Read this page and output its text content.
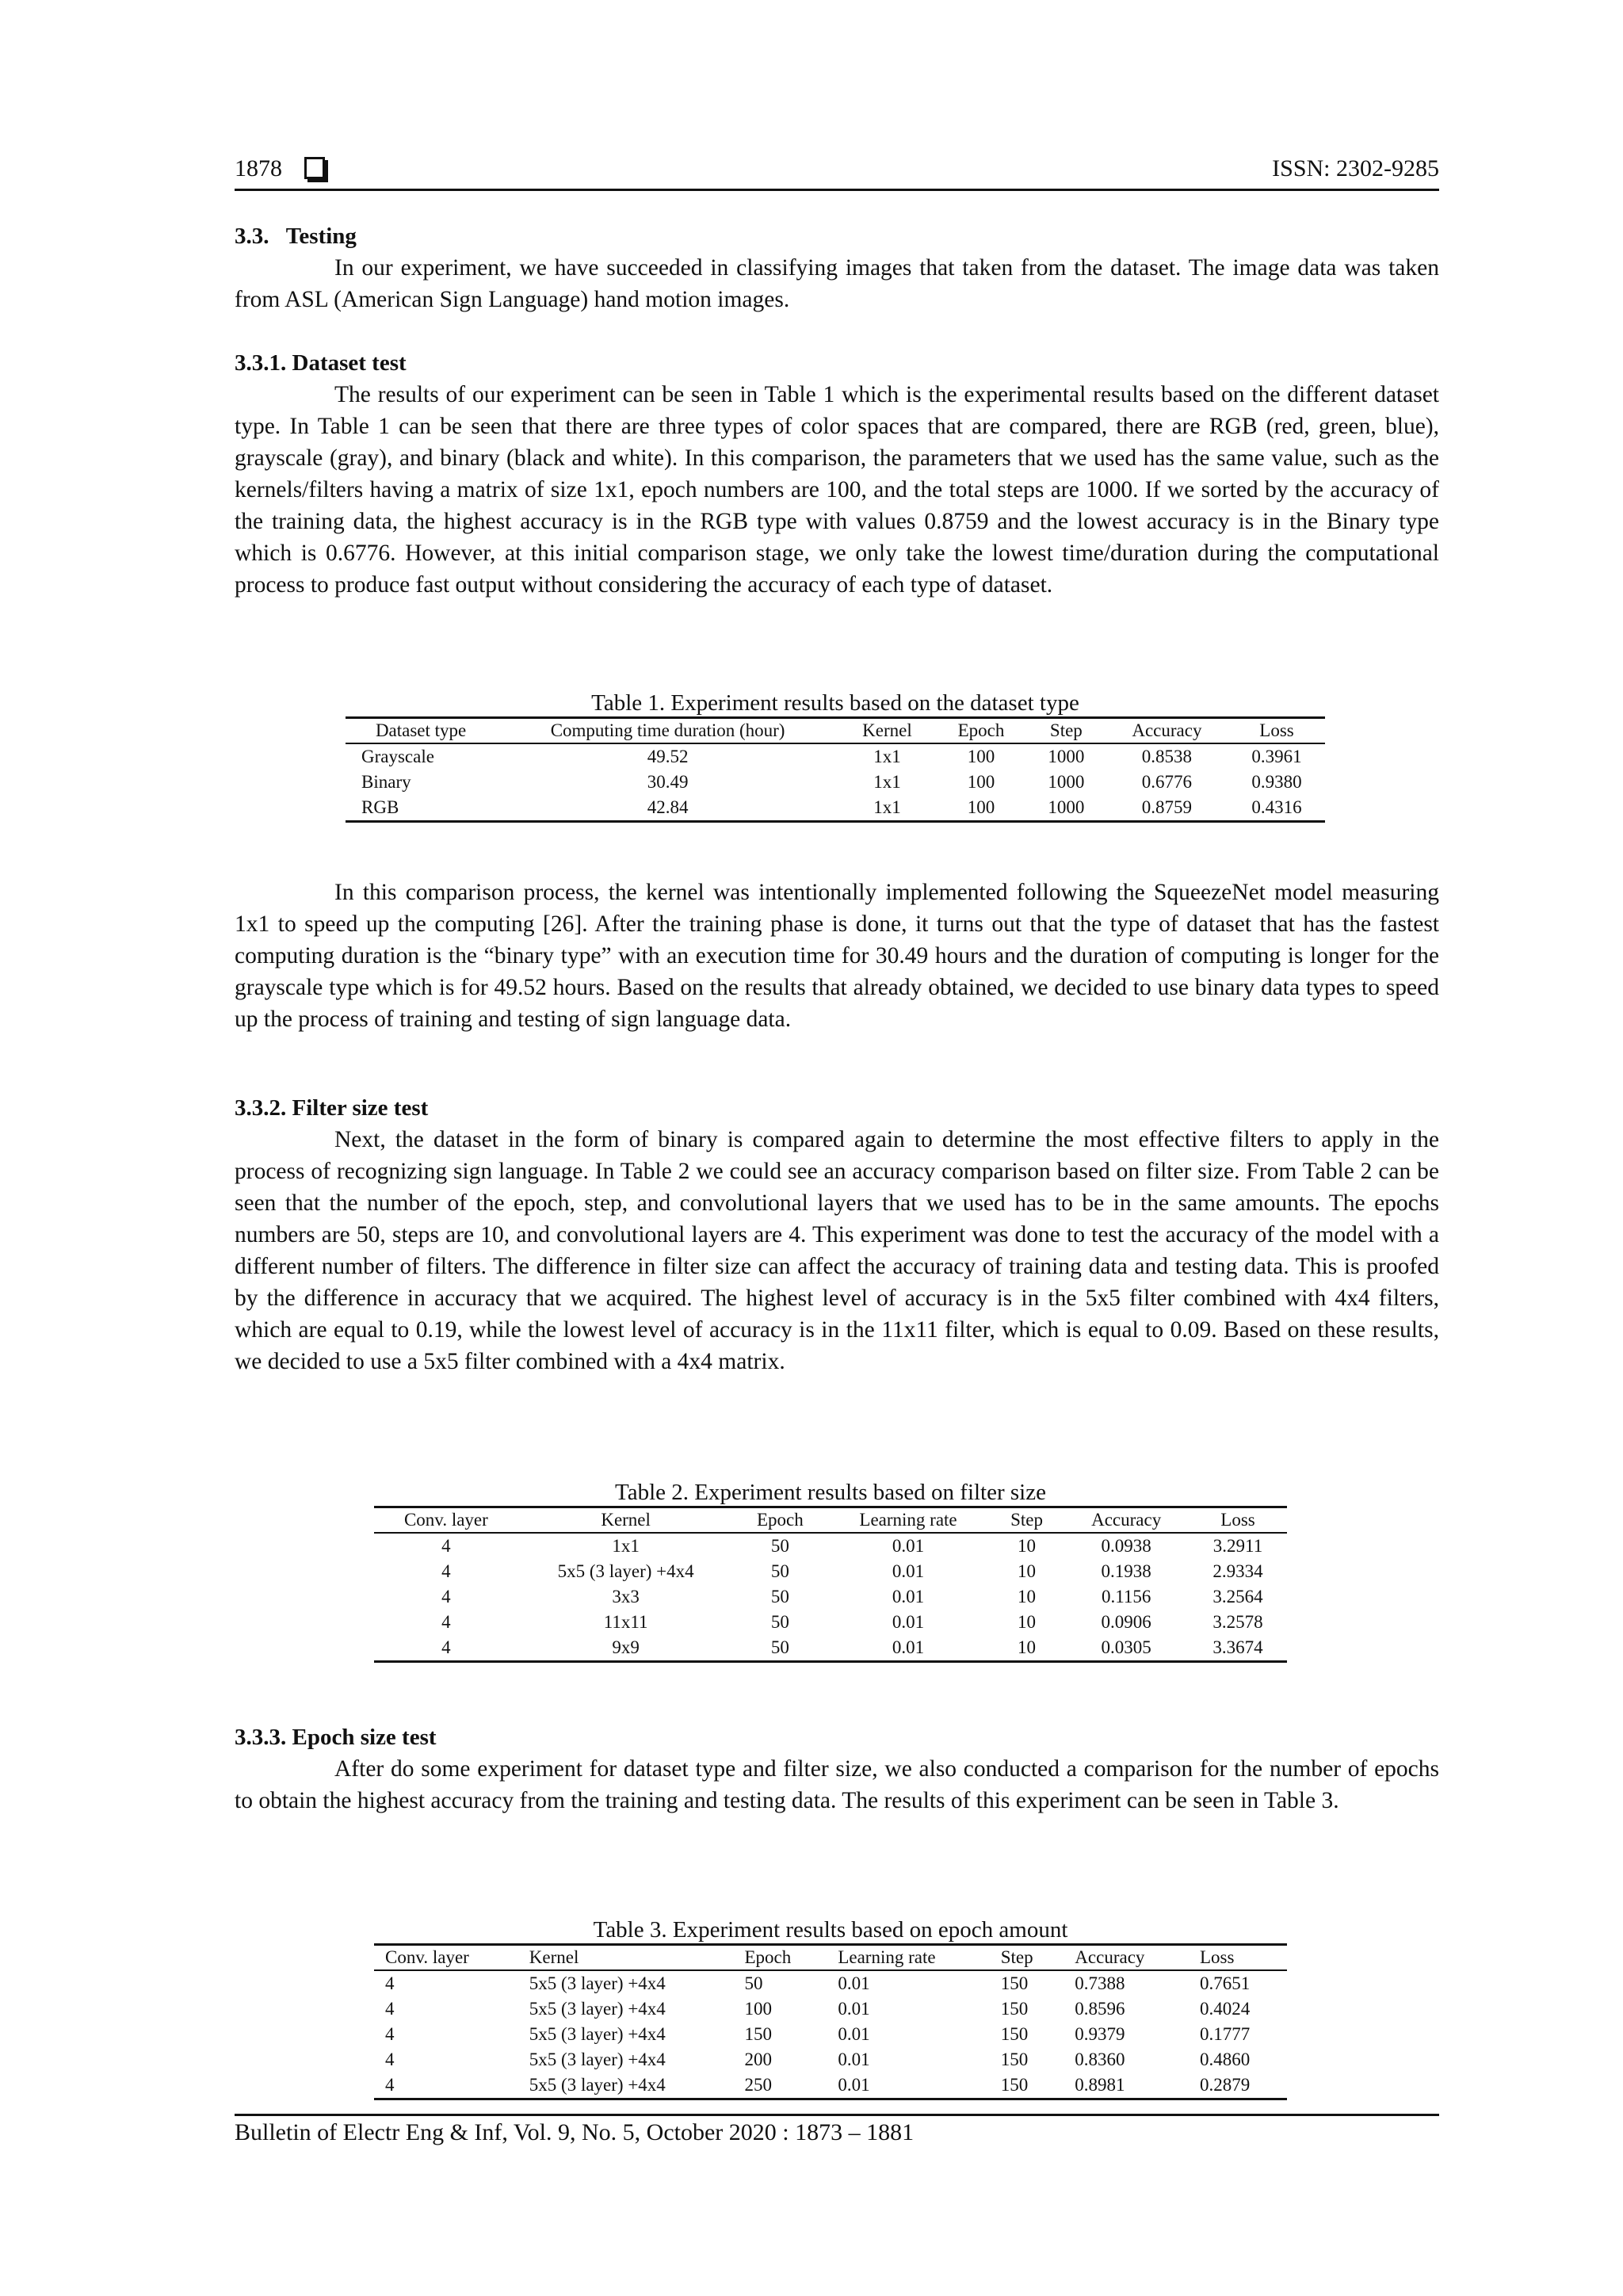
1878	ISSN: 2302-9285
3.3.   Testing

In our experiment, we have succeeded in classifying images that taken from the dataset. The image data was taken from ASL (American Sign Language) hand motion images.

3.3.1. Dataset test

The results of our experiment can be seen in Table 1 which is the experimental results based on the different dataset type. In Table 1 can be seen that there are three types of color spaces that are compared, there are RGB (red, green, blue), grayscale (gray), and binary (black and white). In this comparison, the parameters that we used has the same value, such as the kernels/filters having a matrix of size 1x1, epoch numbers are 100, and the total steps are 1000. If we sorted by the accuracy of the training data, the highest accuracy is in the RGB type with values 0.8759 and the lowest accuracy is in the Binary type which is 0.6776. However, at this initial comparison stage, we only take the lowest time/duration during the computational process to produce fast output without considering the accuracy of each type of dataset.

Table 1. Experiment results based on the dataset type
Dataset type	Computing time duration (hour)	Kernel	Epoch	Step	Accuracy	Loss
Grayscale	49.52	1x1	100	1000	0.8538	0.3961
Binary	30.49	1x1	100	1000	0.6776	0.9380
RGB	42.84	1x1	100	1000	0.8759	0.4316

In this comparison process, the kernel was intentionally implemented following the SqueezeNet model measuring 1x1 to speed up the computing [26]. After the training phase is done, it turns out that the type of dataset that has the fastest computing duration is the “binary type” with an execution time for 30.49 hours and the duration of computing is longer for the grayscale type which is for 49.52 hours. Based on the results that already obtained, we decided to use binary data types to speed up the process of training and testing of sign language data.

3.3.2. Filter size test

Next, the dataset in the form of binary is compared again to determine the most effective filters to apply in the process of recognizing sign language. In Table 2 we could see an accuracy comparison based on filter size. From Table 2 can be seen that the number of the epoch, step, and convolutional layers that we used has to be in the same amounts. The epochs numbers are 50, steps are 10, and convolutional layers are 4. This experiment was done to test the accuracy of the model with a different number of filters. The difference in filter size can affect the accuracy of training data and testing data. This is proofed by the difference in accuracy that we acquired. The highest level of accuracy is in the 5x5 filter combined with 4x4 filters, which are equal to 0.19, while the lowest level of accuracy is in the 11x11 filter, which is equal to 0.09. Based on these results, we decided to use a 5x5 filter combined with a 4x4 matrix.

Table 2. Experiment results based on filter size
Conv. layer	Kernel	Epoch	Learning rate	Step	Accuracy	Loss
4	1x1	50	0.01	10	0.0938	3.2911
4	5x5 (3 layer) +4x4	50	0.01	10	0.1938	2.9334
4	3x3	50	0.01	10	0.1156	3.2564
4	11x11	50	0.01	10	0.0906	3.2578
4	9x9	50	0.01	10	0.0305	3.3674
3.3.3. Epoch size test

After do some experiment for dataset type and filter size, we also conducted a comparison for the number of epochs to obtain the highest accuracy from the training and testing data. The results of this experiment can be seen in Table 3.

Table 3. Experiment results based on epoch amount
Conv. layer	Kernel	Epoch	Learning rate	Step	Accuracy	Loss
4	5x5 (3 layer) +4x4	50	0.01	150	0.7388	0.7651
4	5x5 (3 layer) +4x4	100	0.01	150	0.8596	0.4024
4	5x5 (3 layer) +4x4	150	0.01	150	0.9379	0.1777
4	5x5 (3 layer) +4x4	200	0.01	150	0.8360	0.4860
4	5x5 (3 layer) +4x4	250	0.01	150	0.8981	0.2879
Bulletin of Electr Eng & Inf, Vol. 9, No. 5, October 2020 : 1873 – 1881
